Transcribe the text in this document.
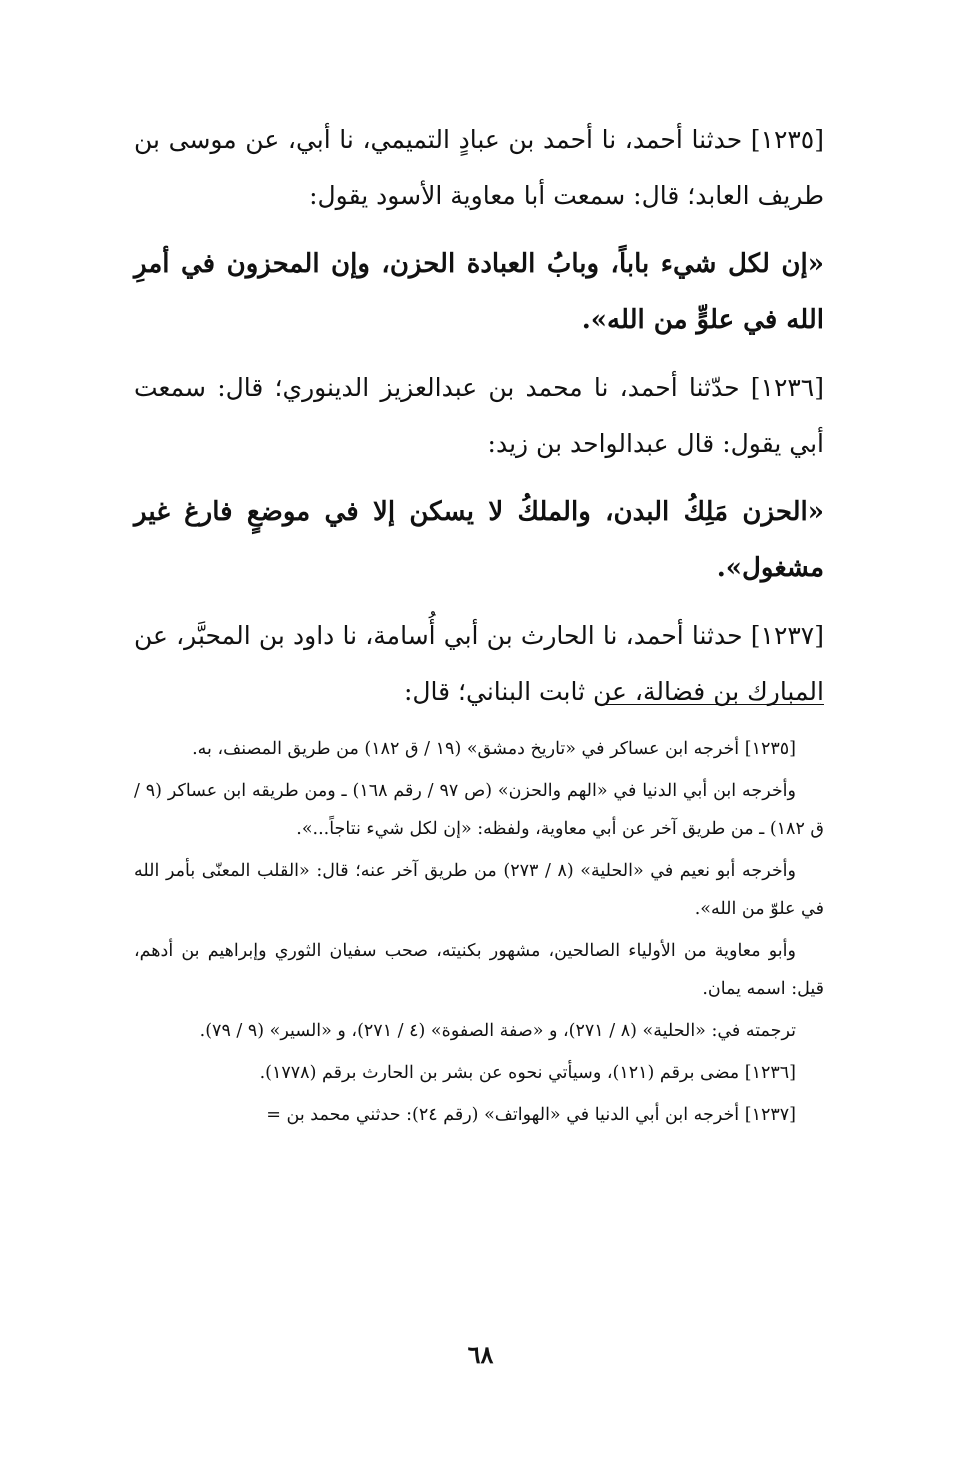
[١٢٣٥] حدثنا أحمد، نا أحمد بن عبادٍ التميمي، نا أبي، عن موسى بن طريف العابد؛ قال: سمعت أبا معاوية الأسود يقول:

«إن لكل شيء باباً، وبابُ العبادة الحزن، وإن المحزون في أمرِ الله في علوٍّ من الله».

[١٢٣٦] حدّثنا أحمد، نا محمد بن عبدالعزيز الدينوري؛ قال: سمعت أبي يقول: قال عبدالواحد بن زيد:

«الحزن مَلِكُ البدن، والملكُ لا يسكن إلا في موضعٍ فارغ غير مشغول».

[١٢٣٧] حدثنا أحمد، نا الحارث بن أبي أُسامة، نا داود بن المحبَّر، عن المبارك بن فضالة، عن ثابت البناني؛ قال:

[١٢٣٥] أخرجه ابن عساكر في «تاريخ دمشق» (١٩ / ق ١٨٢) من طريق المصنف، به.

وأخرجه ابن أبي الدنيا في «الهم والحزن» (ص ٩٧ / رقم ١٦٨) ـ ومن طريقه ابن عساكر (٩ / ق ١٨٢) ـ من طريق آخر عن أبي معاوية، ولفظه: «إن لكل شيء نتاجاً...».

وأخرجه أبو نعيم في «الحلية» (٨ / ٢٧٣) من طريق آخر عنه؛ قال: «القلب المعنّى بأمر الله في علوّ من الله».

وأبو معاوية من الأولياء الصالحين، مشهور بكنيته، صحب سفيان الثوري وإبراهيم بن أدهم، قيل: اسمه يمان.

ترجمته في: «الحلية» (٨ / ٢٧١)، و «صفة الصفوة» (٤ / ٢٧١)، و «السير» (٩ / ٧٩).

[١٢٣٦] مضى برقم (١٢١)، وسيأتي نحوه عن بشر بن الحارث برقم (١٧٧٨).

[١٢٣٧] أخرجه ابن أبي الدنيا في «الهواتف» (رقم ٢٤): حدثني محمد بن =

٦٨
